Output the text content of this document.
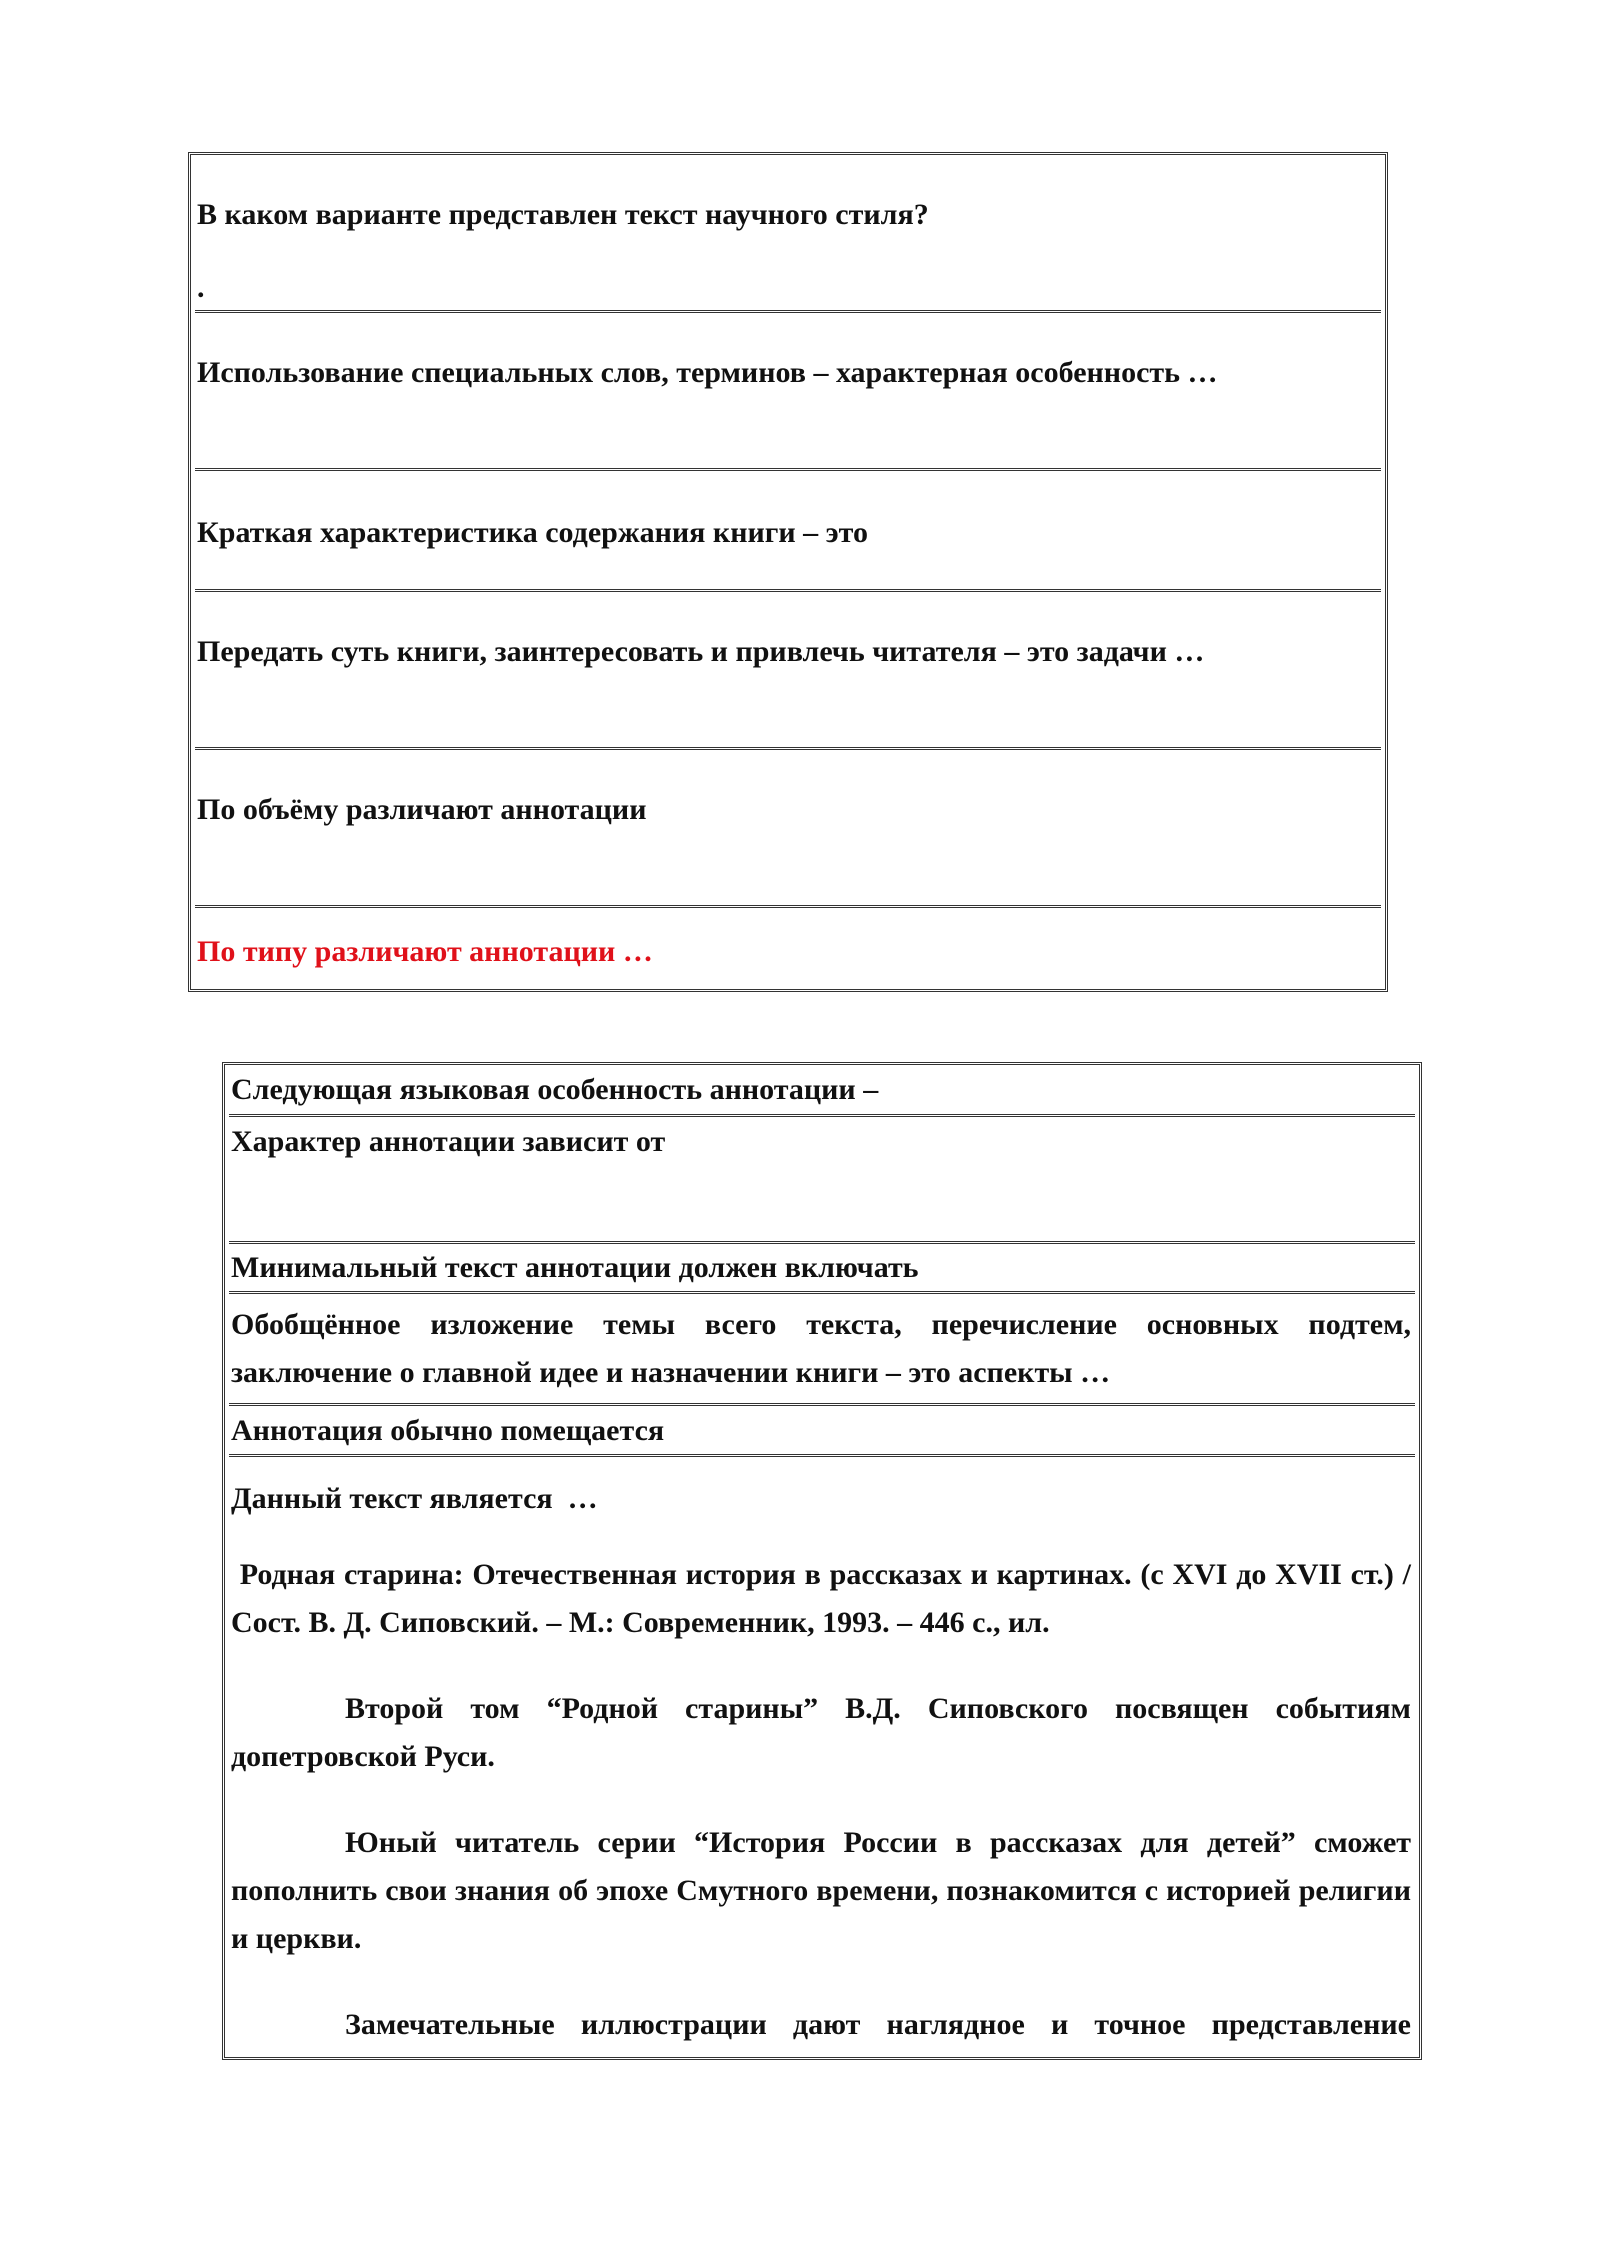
В каком варианте представлен текст научного стиля?
.
Использование специальных слов, терминов – характерная особенность …
Краткая характеристика содержания книги – это
Передать суть книги, заинтересовать и привлечь читателя – это задачи …
По объёму различают аннотации
По типу различают аннотации …
Следующая языковая особенность аннотации –
Характер аннотации зависит от
Минимальный текст аннотации должен включать
Обобщённое изложение темы всего текста, перечисление основных подтем, заключение о главной идее и назначении книги – это аспекты …
Аннотация обычно помещается
Данный текст является  …

Родная старина: Отечественная история в рассказах и картинах. (с XVI до XVII ст.) / Сост. В. Д. Сиповский. – М.: Современник, 1993. – 446 с., ил.

Второй том “Родной старины” В.Д. Сиповского посвящен событиям допетровской Руси.

Юный читатель серии “История России в рассказах для детей” сможет пополнить свои знания об эпохе Смутного времени, познакомится с историей религии и церкви.

Замечательные иллюстрации дают наглядное и точное представление
